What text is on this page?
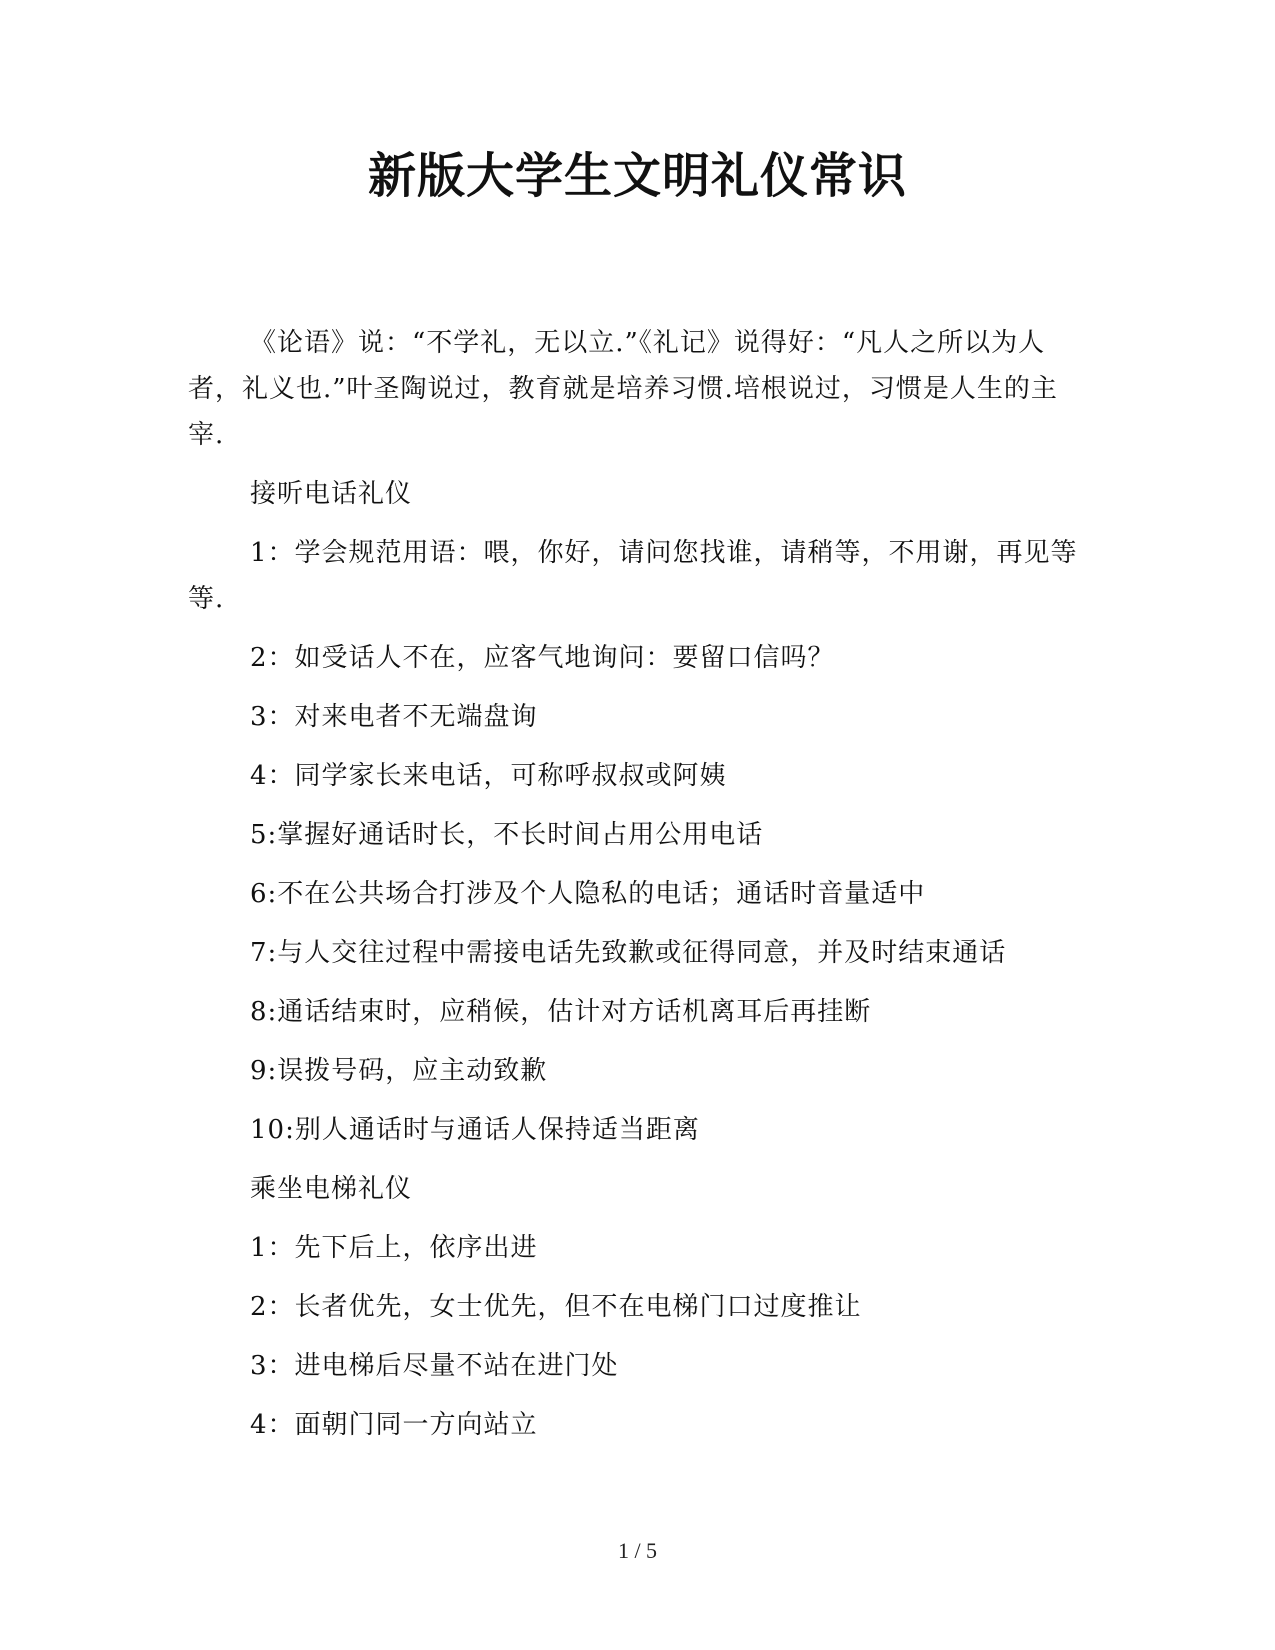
新版大学生文明礼仪常识

《论语》说：“不学礼，无以立.”《礼记》说得好：“凡人之所以为人者，礼义也.”叶圣陶说过，教育就是培养习惯.培根说过，习惯是人生的主宰.

接听电话礼仪

1：学会规范用语：喂，你好，请问您找谁，请稍等，不用谢，再见等等.

2：如受话人不在，应客气地询问：要留口信吗？

3：对来电者不无端盘询

4：同学家长来电话，可称呼叔叔或阿姨

5:掌握好通话时长，不长时间占用公用电话

6:不在公共场合打涉及个人隐私的电话；通话时音量适中

7:与人交往过程中需接电话先致歉或征得同意，并及时结束通话

8:通话结束时，应稍候，估计对方话机离耳后再挂断

9:误拨号码，应主动致歉

10:别人通话时与通话人保持适当距离

乘坐电梯礼仪

1：先下后上，依序出进

2：长者优先，女士优先，但不在电梯门口过度推让

3：进电梯后尽量不站在进门处

4：面朝门同一方向站立

1 / 5
